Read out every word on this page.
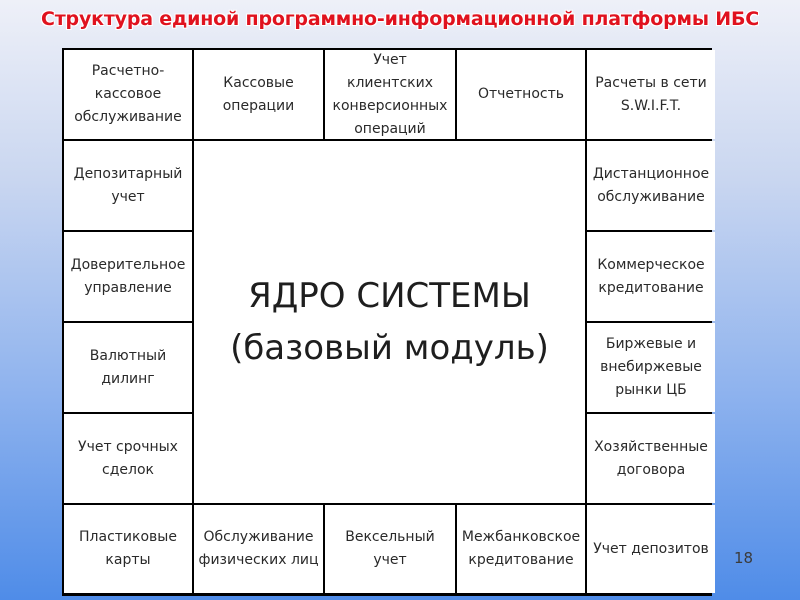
Структура единой программно-информационной платформы ИБС
Расчетно-кассовое обслуживание
Кассовые операции
Учет клиентских конверсионных операций
Отчетность
Расчеты в сети S.W.I.F.T.
Депозитарный учет
Доверительное управление
Валютный дилинг
Учет срочных сделок
ЯДРО СИСТЕМЫ
(базовый модуль)
Дистанционное обслуживание
Коммерческое кредитование
Биржевые и внебиржевые рынки ЦБ
Хозяйственные договора
Пластиковые карты
Обслуживание физических лиц
Вексельный учет
Межбанковское кредитование
Учет депозитов
18
